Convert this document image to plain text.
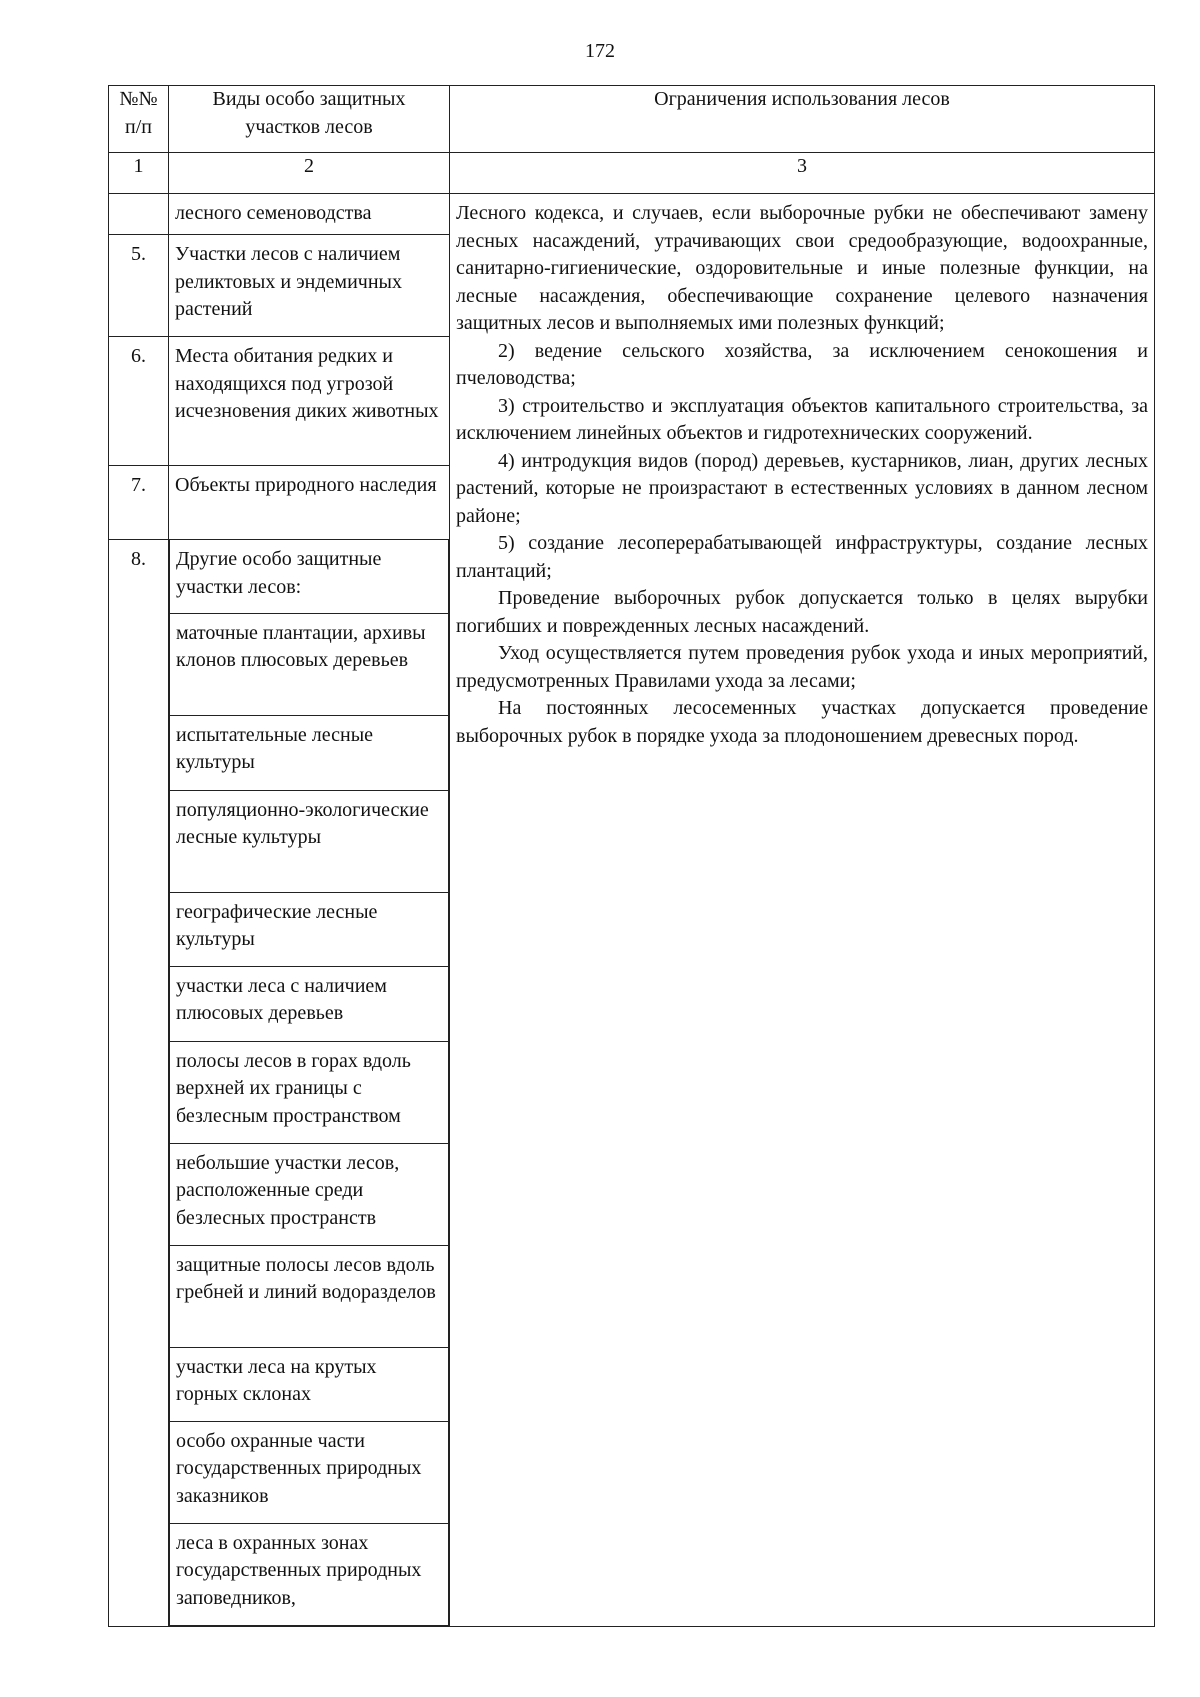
172
№№ п/п	Виды особо защитных участков лесов	Ограничения использования лесов
1	2	3
	лесного семеноводства	Лесного кодекса, и случаев, если выборочные рубки не обеспечивают замену лесных насаждений, утрачивающих свои средообразующие, водоохранные, санитарно-гигиенические, оздоровительные и иные полезные функции, на лесные насаждения, обеспечивающие сохранение целевого назначения защитных лесов и выполняемых ими полезных функций;

2) ведение сельского хозяйства, за исключением сенокошения и пчеловодства;

3) строительство и эксплуатация объектов капитального строительства, за исключением линейных объектов и гидротехнических сооружений.

4) интродукция видов (пород) деревьев, кустарников, лиан, других лесных растений, которые не произрастают в естественных условиях в данном лесном районе;

5) создание лесоперерабатывающей инфраструктуры, создание лесных плантаций;

Проведение выборочных рубок допускается только в целях вырубки погибших и поврежденных лесных насаждений.

Уход осуществляется путем проведения рубок ухода и иных мероприятий, предусмотренных Правилами ухода за лесами;

На постоянных лесосеменных участках допускается проведение выборочных рубок в порядке ухода за плодоношением древесных пород.

5.	Участки лесов с наличием реликтовых и эндемичных растений
6.	Места обитания редких и находящихся под угрозой исчезновения диких животных
7.	Объекты природного наследия
8.	Другие особо защитные участки лесов:
маточные плантации, архивы клонов плюсовых деревьев
испытательные лесные культуры
популяционно-экологические лесные культуры
географические лесные культуры
участки леса с наличием плюсовых деревьев
полосы лесов в горах вдоль верхней их границы с безлесным пространством
небольшие участки лесов, расположенные среди безлесных пространств
защитные полосы лесов вдоль гребней и линий водоразделов
участки леса на крутых горных склонах
особо охранные части государственных природных заказников
леса в охранных зонах государственных природных заповедников,
